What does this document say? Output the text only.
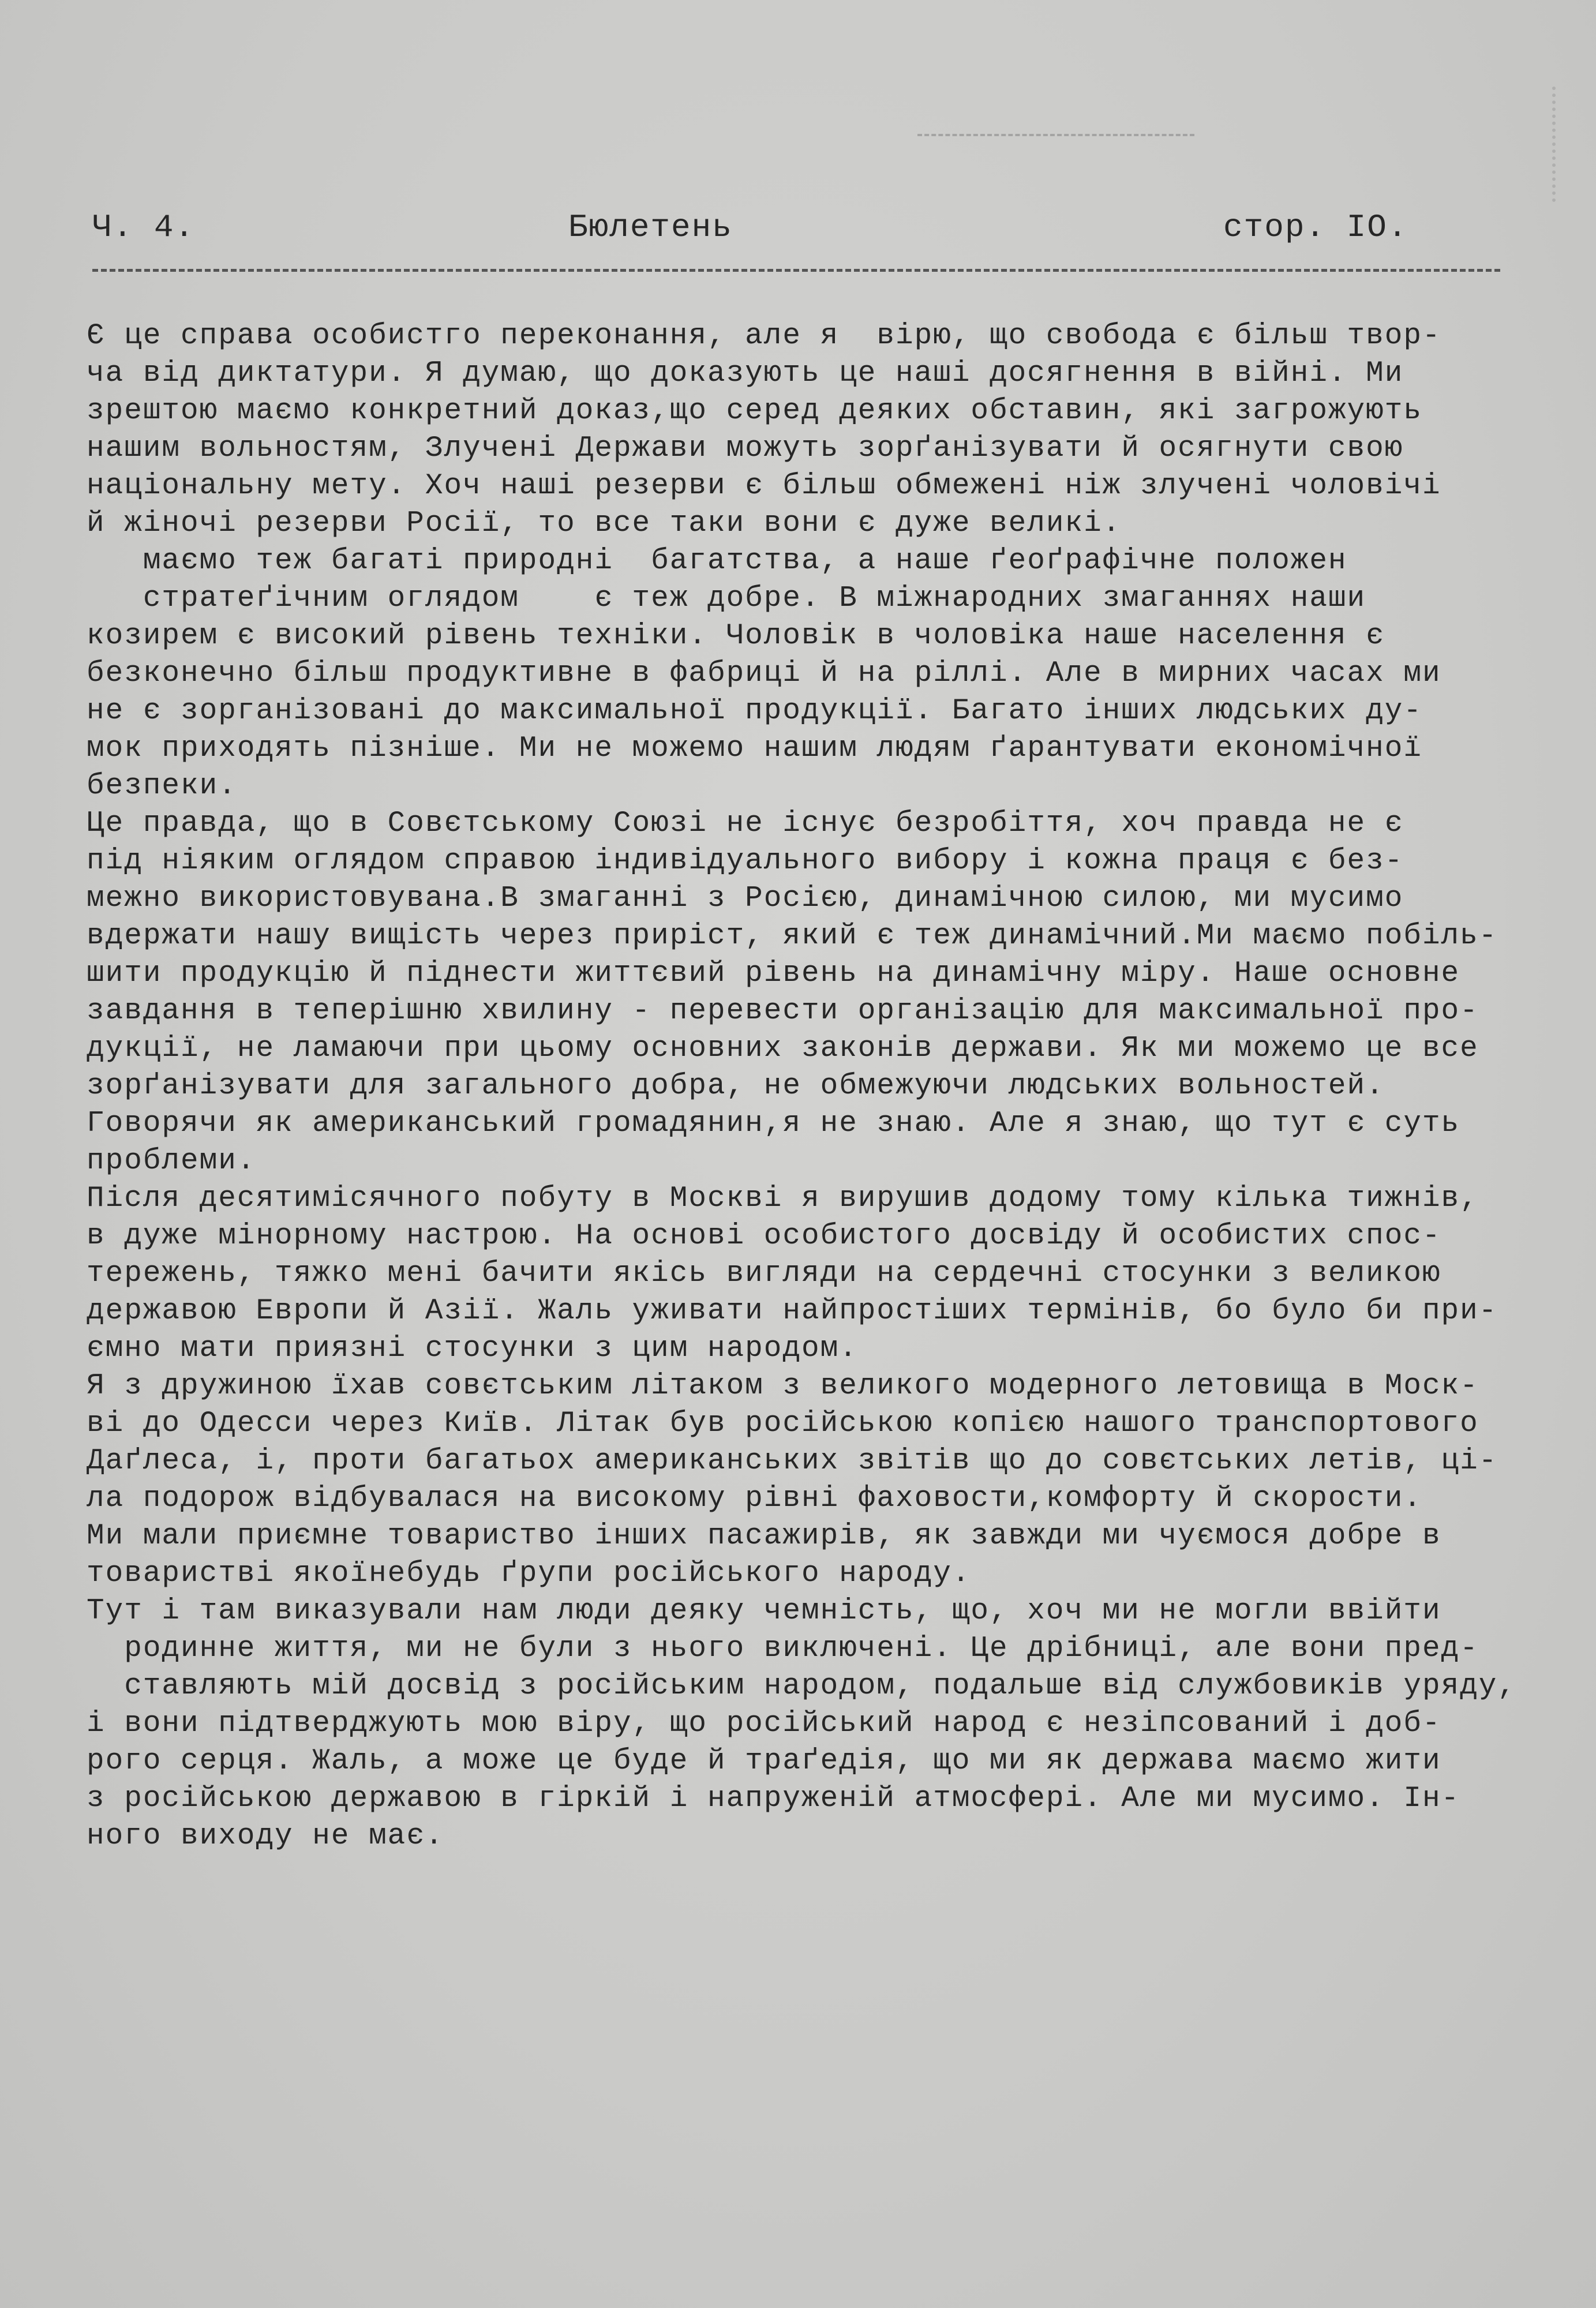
Ч. 4.	Бюлетень	стор. IO.
Є це справа особистго переконання, але я  вірю, що свобода є більш твор-
ча від диктатури. Я думаю, що доказують це наші досягнення в війні. Ми
зрештою маємо конкретний доказ,що серед деяких обставин, які загрожують
нашим вольностям, Злучені Держави можуть зорґанізувати й осягнути свою
національну мету. Хоч наші резерви є більш обмежені ніж злучені чоловічі
й жіночі резерви Росії, то все таки вони є дуже великі.
маємо теж багаті природні  багатства, а наше ґеоґрафічне положен
стратеґічним оглядом    є теж добре. В міжнародних змаганнях наши
козирем є високий рівень техніки. Чоловік в чоловіка наше населення є
безконечно більш продуктивне в фабриці й на ріллі. Але в мирних часах ми
не є зорганізовані до максимальної продукції. Багато інших людських ду-
мок приходять пізніше. Ми не можемо нашим людям ґарантувати економічної
безпеки.
Це правда, що в Совєтському Союзі не існує безробіття, хоч правда не є
під ніяким оглядом справою індивідуального вибору і кожна праця є без-
межно використовувана.В змаганні з Росією, динамічною силою, ми мусимо
вдержати нашу вищість через приріст, який є теж динамічний.Ми маємо побіль-
шити продукцію й піднести життєвий рівень на динамічну міру. Наше основне
завдання в теперішню хвилину - перевести організацію для максимальної про-
дукції, не ламаючи при цьому основних законів держави. Як ми можемо це все
зорґанізувати для загального добра, не обмежуючи людських вольностей.
Говорячи як американський громадянин,я не знаю. Але я знаю, що тут є суть
проблеми.
Після десятимісячного побуту в Москві я вирушив додому тому кілька тижнів,
в дуже мінорному настрою. На основі особистого досвіду й особистих спос-
тережень, тяжко мені бачити якісь вигляди на сердечні стосунки з великою
державою Европи й Азії. Жаль уживати найпростіших термінів, бо було би при-
ємно мати приязні стосунки з цим народом.
Я з дружиною їхав совєтським літаком з великого модерного летовища в Моск-
ві до Одесси через Київ. Літак був російською копією нашого транспортового
Даґлеса, і, проти багатьох американських звітів що до совєтських летів, ці-
ла подорож відбувалася на високому рівні фаховости,комфорту й скорости.
Ми мали приємне товариство інших пасажирів, як завжди ми чуємося добре в
товаристві якоїнебудь ґрупи російського народу.
Тут і там виказували нам люди деяку чемність, що, хоч ми не могли ввійти
родинне життя, ми не були з нього виключені. Це дрібниці, але вони пред-
ставляють мій досвід з російським народом, подальше від службовиків уряду,
і вони підтверджують мою віру, що російський народ є незіпсований і доб-
рого серця. Жаль, а може це буде й траґедія, що ми як держава маємо жити
з російською державою в гіркій і напруженій атмосфері. Але ми мусимо. Ін-
ного виходу не має.
